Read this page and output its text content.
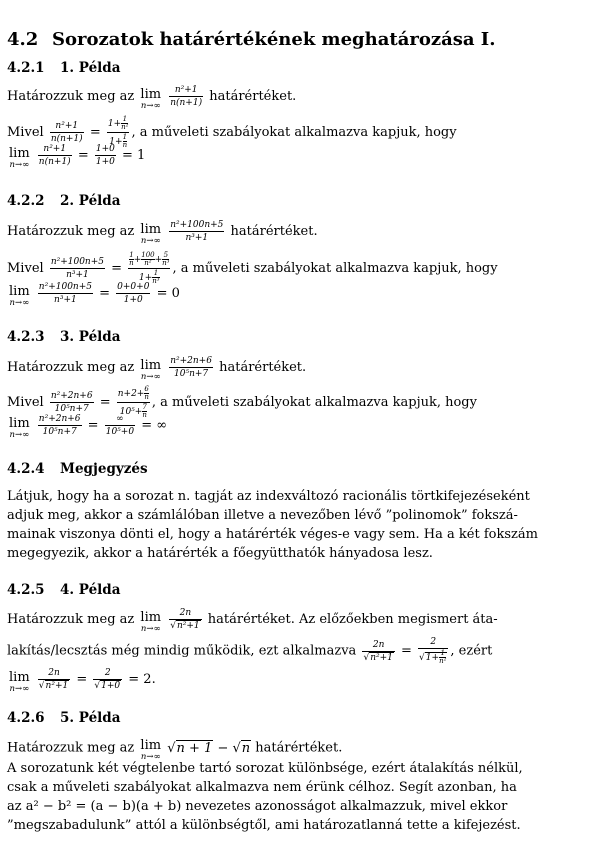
4.2 Sorozatok határértékének meghatározása I.
4.2.1 1. Példa
Határozzuk meg az lim
n→∞
$\frac{\text{n²+1}}{n(n+1)}$ határértéket.
Mivel $\frac{\text{n²+1}}{n(n+1)} = \frac{1+ \frac{1}{\text{n²}}}{1+ \frac{1}{n}}$ , a műveleti szabályokat alkalmazva kapjuk, hogy
lim
n→∞
$\frac{\text{n²+1}}{n(n+1)} = \frac{1+0}{1+0} = 1$
4.2.2 2. Példa
Határozzuk meg az lim
n→∞
$\frac{\text{n²+100n+5}}{\text{n³+1}}$ határértéket.
Mivel $\frac{\text{n²+100n+5}}{\text{n³+1}} = \frac{\frac{1}{n} + \frac{100}{\text{n²}} + \frac{5}{\text{n³}}}{1+ \frac{1}{\text{n³}}}$ , a műveleti szabályokat alkalmazva kapjuk, hogy
lim
n→∞
$\frac{\text{n²+100n+5}}{\text{n³+1}} = \frac{0+0+0}{1+0} = 0$
4.2.3 3. Példa
Határozzuk meg az lim
n→∞
$\frac{\text{n²+2n+6}}{\text{10⁵n+7}}$ határértéket.
Mivel $\frac{\text{n²+2n+6}}{\text{10⁵n+7}} = \frac{n+2+ \frac{6}{n}}{10^5+ \frac{7}{n}}$ , a műveleti szabályokat alkalmazva kapjuk, hogy
lim
n→∞
$\frac{\text{n²+2n+6}}{\text{10⁵n+7}} = \frac{\infty}{\text{10⁵+0}}$ = ∞
4.2.4 Megjegyzés
Látjuk, hogy ha a sorozat n. tagját az indexváltozó racionális törtkifejezéseként
adjuk meg, akkor a számlálóban illetve a nevezőben lévő ”polinomok” fokszá-
mainak viszonya dönti el, hogy a határérték véges-e vagy sem. Ha a két fokszám
megegyezik, akkor a határérték a főegyütthatók hányadosa lesz.
4.2.5 4. Példa
Határozzuk meg az lim
n→∞
$\frac{2n}{\text{√n²+1}}$ határértéket. Az előzőekben megismert áta-
lakítás/lecsztás még mindig működik, ezt alkalmazva $\frac{2n}{\text{√n²+1}} = \frac{2}{√1+ \frac{1}{\text{n²}}}$ , ezért
lim
n→∞
$\frac{2n}{\text{√n²+1}} = \frac{2}{√1+0} = 2$.
4.2.6 5. Példa
Határozzuk meg az lim
n→∞
√n + 1 − √n határértéket.
A sorozatunk két végtelenbe tartó sorozat különbsége, ezért átalakítás nélkül,
csak a műveleti szabályokat alkalmazva nem érünk célhoz. Segít azonban, ha
az a² − b² = (a − b)(a + b) nevezetes azonosságot alkalmazzuk, mivel ekkor
”megszabadulunk” attól a különbségtől, ami határozatlanná tette a kifejezést.
